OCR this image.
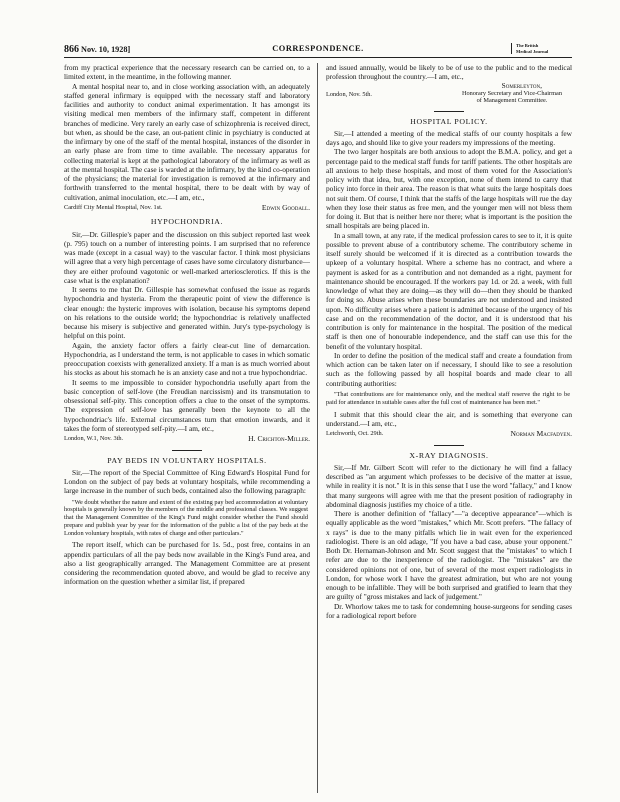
866 Nov. 10, 1928]	CORRESPONDENCE.	The British
Medical Journal

from my practical experience that the necessary research can be carried on, to a limited extent, in the meantime, in the following manner.

A mental hospital near to, and in close working association with, an adequately staffed general infirmary is equipped with the necessary staff and laboratory facilities and authority to conduct animal experimentation. It has amongst its visiting medical men members of the infirmary staff, competent in different branches of medicine. Very rarely an early case of schizophrenia is received direct, but when, as should be the case, an out-patient clinic in psychiatry is conducted at the infirmary by one of the staff of the mental hospital, instances of the disorder in an early phase are from time to time available. The necessary apparatus for collecting material is kept at the pathological laboratory of the infirmary as well as at the mental hospital. The case is warded at the infirmary, by the kind co-operation of the physicians; the material for investigation is removed at the infirmary and forthwith transferred to the mental hospital, there to be dealt with by way of cultivation, animal inoculation, etc.—I am, etc.,

Cardiff City Mental Hospital, Nov. 1st.	Edwin Goodall.
HYPOCHONDRIA.

Sir,—Dr. Gillespie's paper and the discussion on this subject reported last week (p. 795) touch on a number of interesting points. I am surprised that no reference was made (except in a casual way) to the vascular factor. I think most physicians will agree that a very high percentage of cases have some circulatory disturbance—they are either profound vagotonic or well-marked arteriosclerotics. If this is the case what is the explanation?

It seems to me that Dr. Gillespie has somewhat confused the issue as regards hypochondria and hysteria. From the therapeutic point of view the difference is clear enough: the hysteric improves with isolation, because his symptoms depend on his relations to the outside world; the hypochondriac is relatively unaffected because his misery is subjective and generated within. Jury's type-psychology is helpful on this point.

Again, the anxiety factor offers a fairly clear-cut line of demarcation. Hypochondria, as I understand the term, is not applicable to cases in which somatic preoccupation coexists with generalized anxiety. If a man is as much worried about his stocks as about his stomach he is an anxiety case and not a true hypochondriac.

It seems to me impossible to consider hypochondria usefully apart from the basic conception of self-love (the Freudian narcissism) and its transmutation to obsessional self-pity. This conception offers a clue to the onset of the symptoms. The expression of self-love has generally been the keynote to all the hypochondriac's life. External circumstances turn that emotion inwards, and it takes the form of stereotyped self-pity.—I am, etc.,

London, W.1, Nov. 3th.	H. Crichton-Miller.
PAY BEDS IN VOLUNTARY HOSPITALS.

Sir,—The report of the Special Committee of King Edward's Hospital Fund for London on the subject of pay beds at voluntary hospitals, while recommending a large increase in the number of such beds, contained also the following paragraph:

"We doubt whether the nature and extent of the existing pay bed accommodation at voluntary hospitals is generally known by the members of the middle and professional classes. We suggest that the Management Committee of the King's Fund might consider whether the Fund should prepare and publish year by year for the information of the public a list of the pay beds at the London voluntary hospitals, with rates of charge and other particulars."

The report itself, which can be purchased for 1s. 5d., post free, contains in an appendix particulars of all the pay beds now available in the King's Fund area, and also a list geographically arranged. The Management Committee are at present considering the recommendation quoted above, and would be glad to receive any information on the question whether a similar list, if prepared

and issued annually, would be likely to be of use to the public and to the medical profession throughout the country.—I am, etc.,

Somerleyton,
London, Nov. 5th.	Honorary Secretary and Vice-Chairman
of Management Committee.
HOSPITAL POLICY.

Sir,—I attended a meeting of the medical staffs of our county hospitals a few days ago, and should like to give your readers my impressions of the meeting.

The two larger hospitals are both anxious to adopt the B.M.A. policy, and get a percentage paid to the medical staff funds for tariff patients. The other hospitals are all anxious to help these hospitals, and most of them voted for the Association's policy with that idea, but, with one exception, none of them intend to carry that policy into force in their area. The reason is that what suits the large hospitals does not suit them. Of course, I think that the staffs of the large hospitals will rue the day when they lose their status as free men, and the younger men will not bless them for doing it. But that is neither here nor there; what is important is the position the small hospitals are being placed in.

In a small town, at any rate, if the medical profession cares to see to it, it is quite possible to prevent abuse of a contributory scheme. The contributory scheme in itself surely should be welcomed if it is directed as a contribution towards the upkeep of a voluntary hospital. Where a scheme has no contract, and where a payment is asked for as a contribution and not demanded as a right, payment for maintenance should be encouraged. If the workers pay 1d. or 2d. a week, with full knowledge of what they are doing—as they will do—then they should be thanked for doing so. Abuse arises when these boundaries are not understood and insisted upon. No difficulty arises where a patient is admitted because of the urgency of his case and on the recommendation of the doctor, and it is understood that his contribution is only for maintenance in the hospital. The position of the medical staff is then one of honourable independence, and the staff can use this for the benefit of the voluntary hospital.

In order to define the position of the medical staff and create a foundation from which action can be taken later on if necessary, I should like to see a resolution such as the following passed by all hospital boards and made clear to all contributing authorities:

"That contributions are for maintenance only, and the medical staff reserve the right to be paid for attendance in suitable cases after the full cost of maintenance has been met."

I submit that this should clear the air, and is something that everyone can understand.—I am, etc.,

Letchworth, Oct. 29th.	Norman Macfadyen.
X-RAY DIAGNOSIS.

Sir,—If Mr. Gilbert Scott will refer to the dictionary he will find a fallacy described as "an argument which professes to be decisive of the matter at issue, while in reality it is not." It is in this sense that I use the word "fallacy," and I know that many surgeons will agree with me that the present position of radiography in abdominal diagnosis justifies my choice of a title.

There is another definition of "fallacy"—"a deceptive appearance"—which is equally applicable as the word "mistakes," which Mr. Scott prefers. "The fallacy of x rays" is due to the many pitfalls which lie in wait even for the experienced radiologist. There is an old adage, "If you have a bad case, abuse your opponent." Both Dr. Hernaman-Johnson and Mr. Scott suggest that the "mistakes" to which I refer are due to the inexperience of the radiologist. The "mistakes" are the considered opinions not of one, but of several of the most expert radiologists in London, for whose work I have the greatest admiration, but who are not young enough to be infallible. They will be both surprised and gratified to learn that they are guilty of "gross mistakes and lack of judgement."

Dr. Whorlow takes me to task for condemning house-surgeons for sending cases for a radiological report before
